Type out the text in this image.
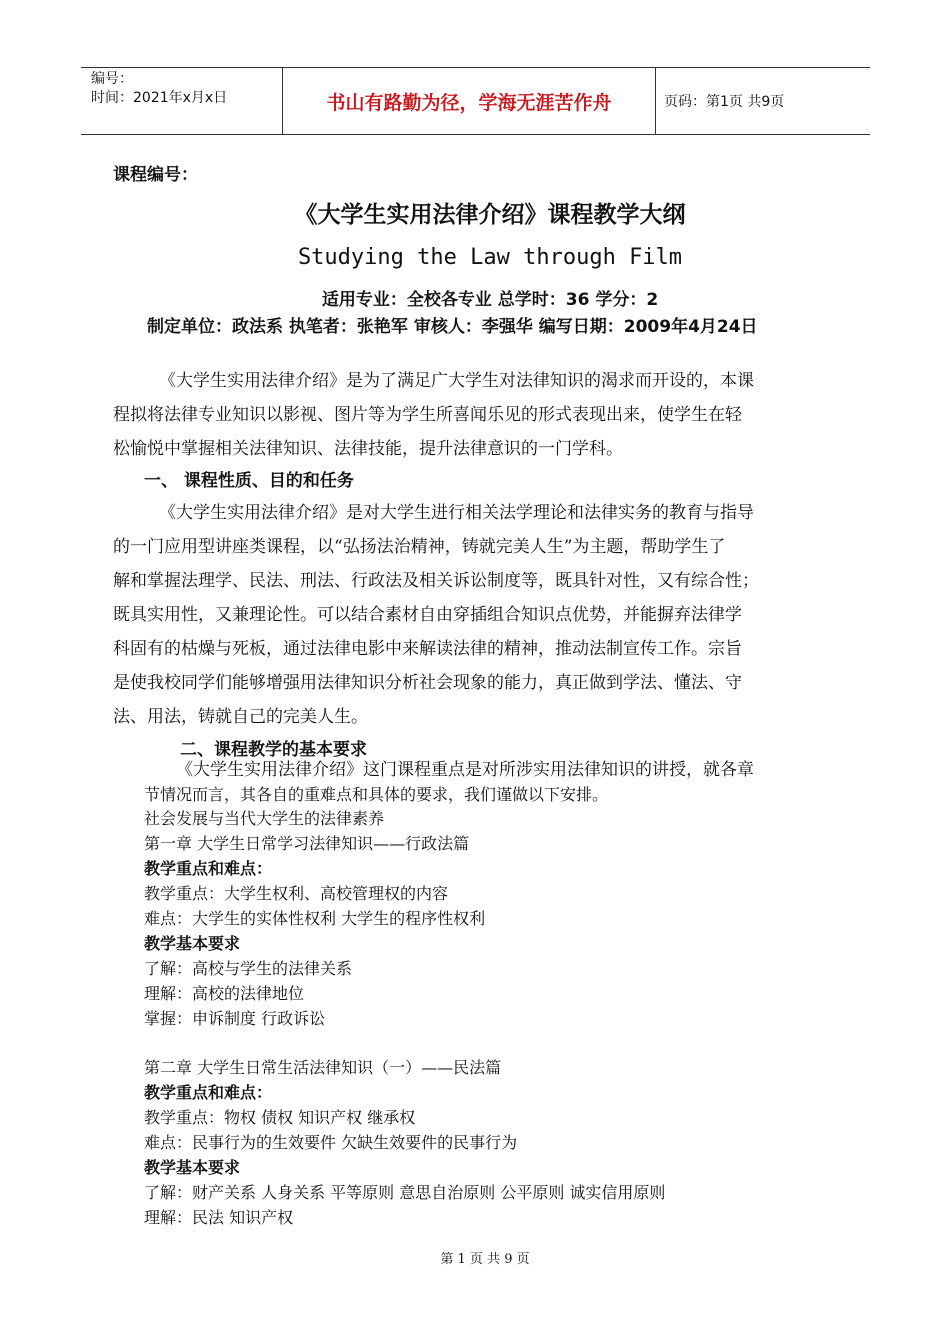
编号：
时间：2021年x月x日	书山有路勤为径，学海无涯苦作舟	页码：第1页 共9页
课程编号：
《大学生实用法律介绍》课程教学大纲
Studying the Law through Film
适用专业：全校各专业 总学时：36 学分：2
制定单位：政法系 执笔者：张艳军 审核人：李强华 编写日期：2009年4月24日
《大学生实用法律介绍》是为了满足广大学生对法律知识的渴求而开设的，本课
程拟将法律专业知识以影视、图片等为学生所喜闻乐见的形式表现出来，使学生在轻
松愉悦中掌握相关法律知识、法律技能，提升法律意识的一门学科。
一、 课程性质、目的和任务
《大学生实用法律介绍》是对大学生进行相关法学理论和法律实务的教育与指导
的一门应用型讲座类课程，以“弘扬法治精神，铸就完美人生”为主题，帮助学生了
解和掌握法理学、民法、刑法、行政法及相关诉讼制度等，既具针对性，又有综合性；
既具实用性，又兼理论性。可以结合素材自由穿插组合知识点优势，并能摒弃法律学
科固有的枯燥与死板，通过法律电影中来解读法律的精神，推动法制宣传工作。宗旨
是使我校同学们能够增强用法律知识分析社会现象的能力，真正做到学法、懂法、守
法、用法，铸就自己的完美人生。
二、课程教学的基本要求
《大学生实用法律介绍》这门课程重点是对所涉实用法律知识的讲授，就各章
节情况而言，其各自的重难点和具体的要求，我们谨做以下安排。
社会发展与当代大学生的法律素养
第一章 大学生日常学习法律知识——行政法篇
教学重点和难点：
教学重点：大学生权利、高校管理权的内容
难点：大学生的实体性权利 大学生的程序性权利
教学基本要求
了解：高校与学生的法律关系
理解：高校的法律地位
掌握：申诉制度 行政诉讼
第二章 大学生日常生活法律知识（一）——民法篇
教学重点和难点：
教学重点：物权 债权 知识产权 继承权
难点：民事行为的生效要件 欠缺生效要件的民事行为
教学基本要求
了解：财产关系 人身关系 平等原则 意思自治原则 公平原则 诚实信用原则
理解：民法 知识产权
第 1 页 共 9 页
